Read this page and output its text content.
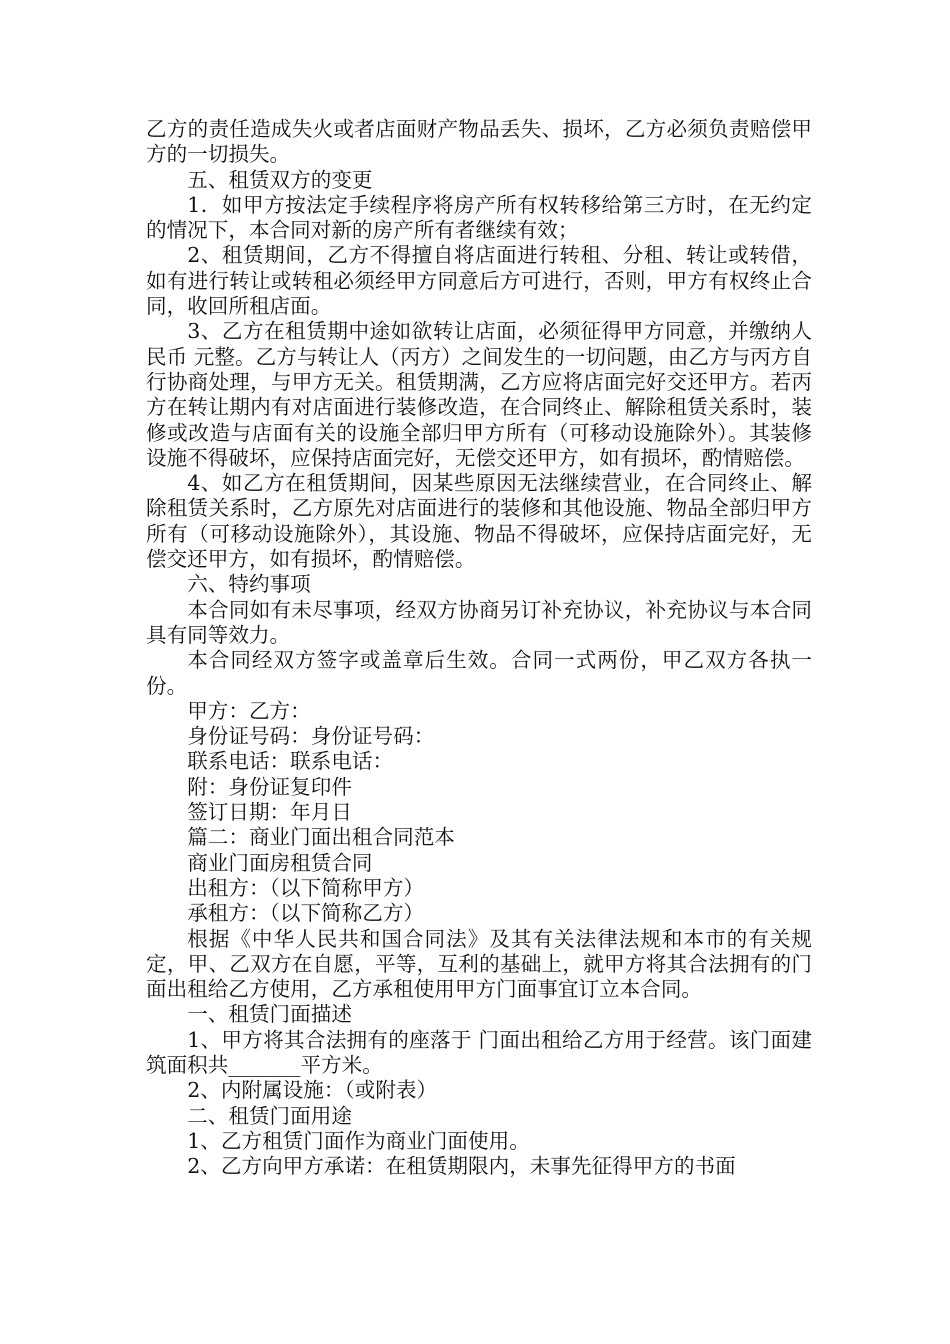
乙方的责任造成失火或者店面财产物品丢失、损坏，乙方必须负责赔偿甲方的一切损失。

五、租赁双方的变更

1．如甲方按法定手续程序将房产所有权转移给第三方时，在无约定的情况下，本合同对新的房产所有者继续有效；

2、租赁期间，乙方不得擅自将店面进行转租、分租、转让或转借，如有进行转让或转租必须经甲方同意后方可进行，否则，甲方有权终止合同，收回所租店面。

3、乙方在租赁期中途如欲转让店面，必须征得甲方同意，并缴纳人民币 元整。乙方与转让人（丙方）之间发生的一切问题，由乙方与丙方自行协商处理，与甲方无关。租赁期满，乙方应将店面完好交还甲方。若丙方在转让期内有对店面进行装修改造，在合同终止、解除租赁关系时，装修或改造与店面有关的设施全部归甲方所有（可移动设施除外）。其装修设施不得破坏，应保持店面完好，无偿交还甲方，如有损坏，酌情赔偿。

4、如乙方在租赁期间，因某些原因无法继续营业，在合同终止、解除租赁关系时，乙方原先对店面进行的装修和其他设施、物品全部归甲方所有（可移动设施除外），其设施、物品不得破坏，应保持店面完好，无偿交还甲方，如有损坏，酌情赔偿。

六、特约事项

本合同如有未尽事项，经双方协商另订补充协议，补充协议与本合同具有同等效力。

本合同经双方签字或盖章后生效。合同一式两份，甲乙双方各执一份。

甲方：乙方：

身份证号码：身份证号码：

联系电话：联系电话：

附：身份证复印件

签订日期：年月日

篇二：商业门面出租合同范本

商业门面房租赁合同

出租方：（以下简称甲方）

承租方：（以下简称乙方）

根据《中华人民共和国合同法》及其有关法律法规和本市的有关规定，甲、乙双方在自愿，平等，互利的基础上，就甲方将其合法拥有的门面出租给乙方使用，乙方承租使用甲方门面事宜订立本合同。

一、租赁门面描述

1、甲方将其合法拥有的座落于 门面出租给乙方用于经营。该门面建筑面积共_______平方米。

2、内附属设施：（或附表）

二、租赁门面用途

1、乙方租赁门面作为商业门面使用。

2、乙方向甲方承诺：在租赁期限内，未事先征得甲方的书面
